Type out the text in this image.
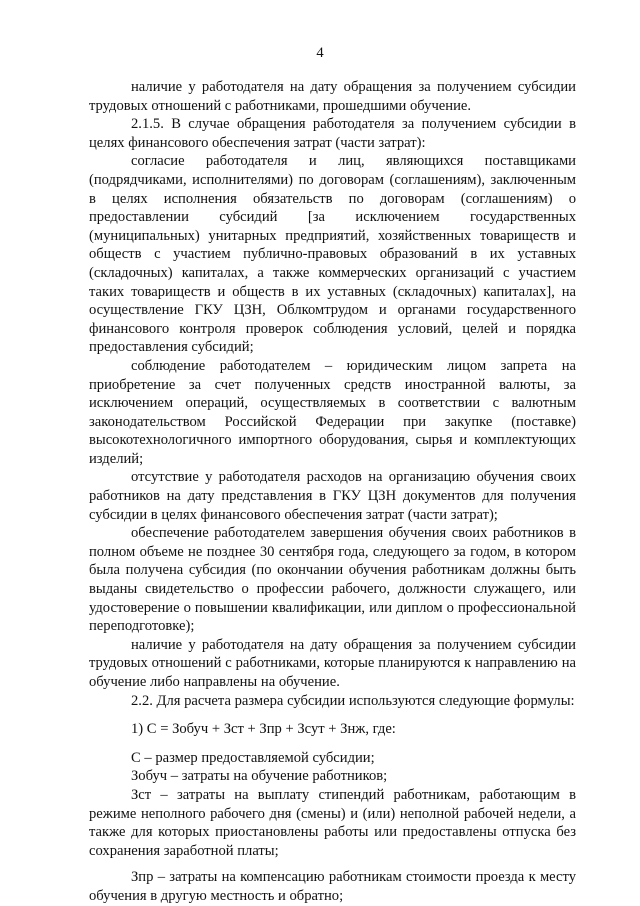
4

наличие у работодателя на дату обращения за получением субсидии трудовых отношений с работниками, прошедшими обучение.

2.1.5. В случае обращения работодателя за получением субсидии в целях финансового обеспечения затрат (части затрат):

согласие работодателя и лиц, являющихся поставщиками (подрядчиками, исполнителями) по договорам (соглашениям), заключенным в целях исполнения обязательств по договорам (соглашениям) о предоставлении субсидий [за исключением государственных (муниципальных) унитарных предприятий, хозяйственных товариществ и обществ с участием публично-правовых образований в их уставных (складочных) капиталах, а также коммерческих организаций с участием таких товариществ и обществ в их уставных (складочных) капиталах], на осуществление ГКУ ЦЗН, Облкомтрудом и органами государственного финансового контроля проверок соблюдения условий, целей и порядка предоставления субсидий;

соблюдение работодателем – юридическим лицом запрета на приобретение за счет полученных средств иностранной валюты, за исключением операций, осуществляемых в соответствии с валютным законодательством Российской Федерации при закупке (поставке) высокотехнологичного импортного оборудования, сырья и комплектующих изделий;

отсутствие у работодателя расходов на организацию обучения своих работников на дату представления в ГКУ ЦЗН документов для получения субсидии в целях финансового обеспечения затрат (части затрат);

обеспечение работодателем завершения обучения своих работников в полном объеме не позднее 30 сентября года, следующего за годом, в котором была получена субсидия (по окончании обучения работникам должны быть выданы свидетельство о профессии рабочего, должности служащего, или удостоверение о повышении квалификации, или диплом о профессиональной переподготовке);

наличие у работодателя на дату обращения за получением субсидии трудовых отношений с работниками, которые планируются к направлению на обучение либо направлены на обучение.

2.2. Для расчета размера субсидии используются следующие формулы:

1) С = Зобуч + Зст + Зпр + Зсут + Знж, где:

С – размер предоставляемой субсидии;

Зобуч – затраты на обучение работников;

Зст – затраты на выплату стипендий работникам, работающим в режиме неполного рабочего дня (смены) и (или) неполной рабочей недели, а также для которых приостановлены работы или предоставлены отпуска без сохранения заработной платы;

Зпр – затраты на компенсацию работникам стоимости проезда к месту обучения в другую местность и обратно;
